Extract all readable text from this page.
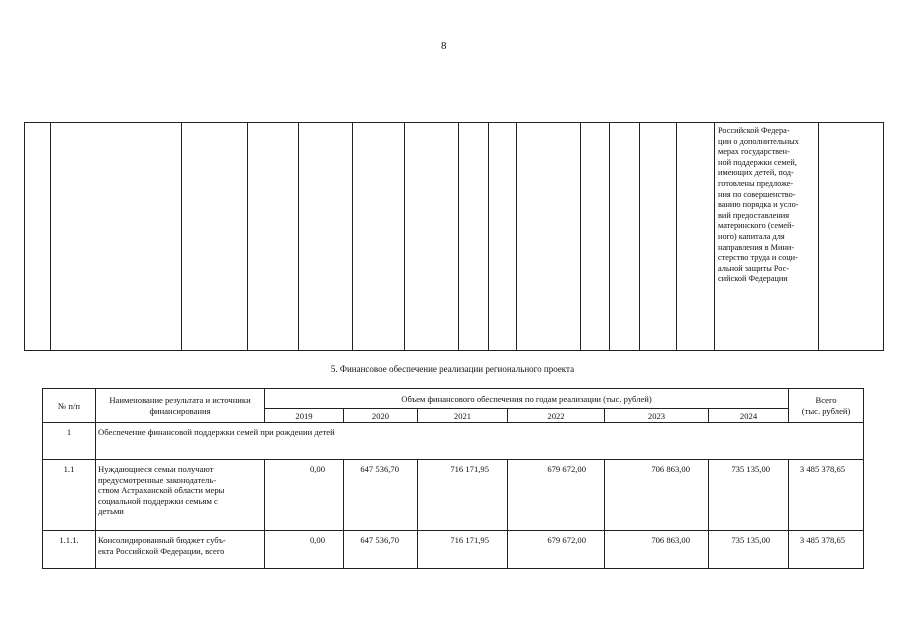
8

Российской Федера-
ции о дополнительных
мерах государствен-
ной поддержки семей,
имеющих детей, под-
готовлены предложе-
ния по совершенство-
ванию порядка и усло-
вий предоставления
материнского (семей-
ного) капитала для
направления в Мини-
стерство труда и соци-
альной защиты Рос-
сийской Федерации

5. Финансовое обеспечение реализации регионального проекта
№ п/п	Наименование результата и источники
финансирования	Объем финансового обеспечения по годам реализации (тыс. рублей)						Всего
(тыс. рублей)

		2019	2020	2021	2022	2023	2024	
1	Обеспечение финансовой поддержки семей при рождении детей							

1.1	Нуждающиеся семьи получают
предусмотренные законодатель-
ством Астраханской области меры
социальной поддержки семьям с
детьми	0,00	647 536,70	716 171,95	679 672,00	706 863,00	735 135,00	3 485 378,65
1.1.1.	Консолидированный бюджет субъ-
екта Российской Федерации, всего	0,00	647 536,70	716 171,95	679 672,00	706 863,00	735 135,00	3 485 378,65
